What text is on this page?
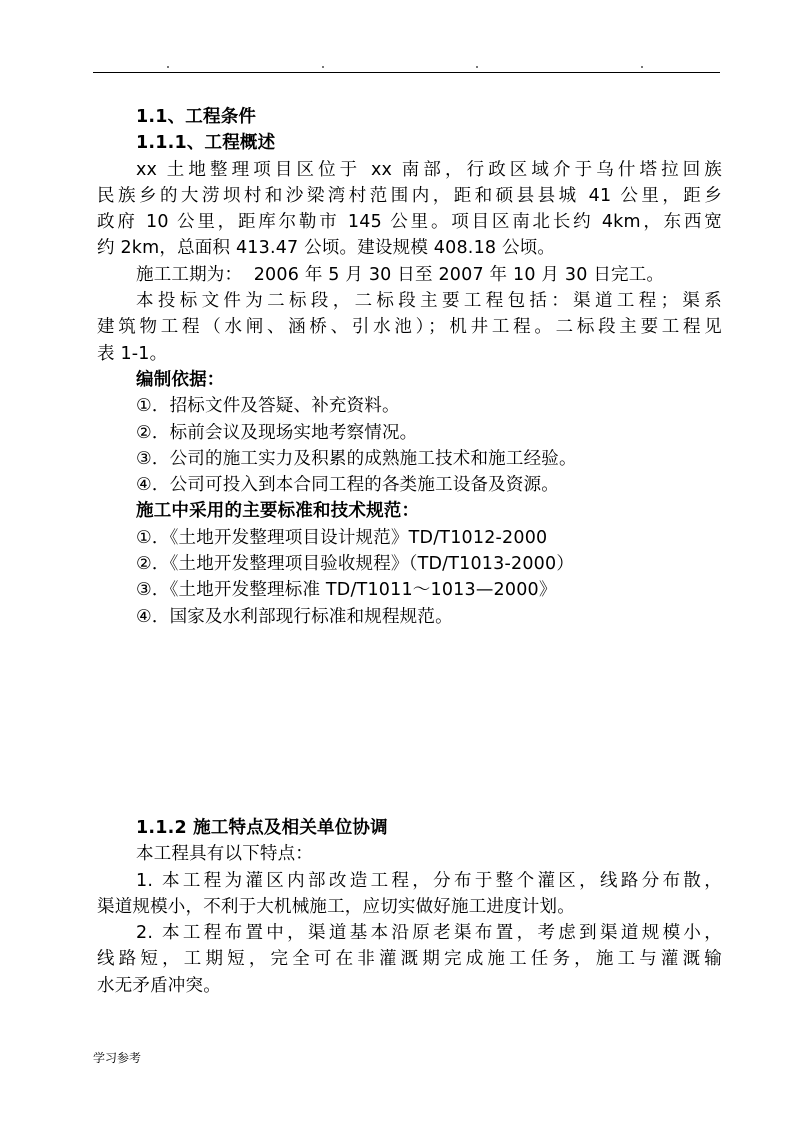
1.1、工程条件
1.1.1、工程概述
xx 土地整理项目区位于 xx 南部，行政区域介于乌什塔拉回族
民族乡的大涝坝村和沙梁湾村范围内，距和硕县县城 41 公里，距乡
政府 10 公里，距库尔勒市 145 公里。项目区南北长约 4km，东西宽
约 2km，总面积 413.47 公顷。建设规模 408.18 公顷。
施工工期为：  2006 年 5 月 30 日至 2007 年 10 月 30 日完工。
本投标文件为二标段，二标段主要工程包括：渠道工程；渠系
建筑物工程（水闸、涵桥、引水池）；机井工程。二标段主要工程见
表 1-1。
编制依据：
①．招标文件及答疑、补充资料。
②．标前会议及现场实地考察情况。
③．公司的施工实力及积累的成熟施工技术和施工经验。
④．公司可投入到本合同工程的各类施工设备及资源。
施工中采用的主要标准和技术规范：
①．《土地开发整理项目设计规范》TD/T1012-2000
②．《土地开发整理项目验收规程》（TD/T1013-2000）
③．《土地开发整理标准 TD/T1011～1013—2000》
④．国家及水利部现行标准和规程规范。
1.1.2 施工特点及相关单位协调
本工程具有以下特点：
1. 本工程为灌区内部改造工程，分布于整个灌区，线路分布散，
渠道规模小，不利于大机械施工，应切实做好施工进度计划。
2. 本工程布置中，渠道基本沿原老渠布置，考虑到渠道规模小，
线路短，工期短，完全可在非灌溉期完成施工任务，施工与灌溉输
水无矛盾冲突。
学习参考
